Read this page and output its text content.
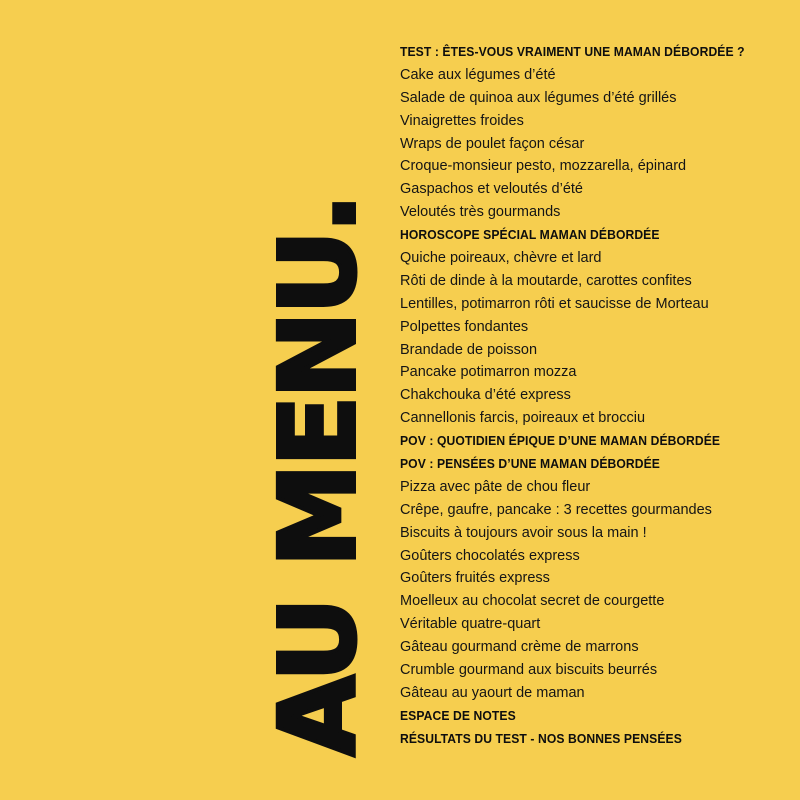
AU MENU.
TEST : ÊTES-VOUS VRAIMENT UNE MAMAN DÉBORDÉE ?
Cake aux légumes d’été
Salade de quinoa aux légumes d’été grillés
Vinaigrettes froides
Wraps de poulet façon césar
Croque-monsieur pesto, mozzarella, épinard
Gaspachos et veloutés d’été
Veloutés très gourmands
HOROSCOPE SPÉCIAL MAMAN DÉBORDÉE
Quiche poireaux, chèvre et lard
Rôti de dinde à la moutarde, carottes confites
Lentilles, potimarron rôti et saucisse de Morteau
Polpettes fondantes
Brandade de poisson
Pancake potimarron mozza
Chakchouka d’été express
Cannellonis farcis, poireaux et brocciu
POV : QUOTIDIEN ÉPIQUE D’UNE MAMAN DÉBORDÉE
POV : PENSÉES D’UNE MAMAN DÉBORDÉE
Pizza avec pâte de chou fleur
Crêpe, gaufre, pancake : 3 recettes gourmandes
Biscuits à toujours avoir sous la main !
Goûters chocolatés express
Goûters fruités express
Moelleux au chocolat secret de courgette
Véritable quatre-quart
Gâteau gourmand crème de marrons
Crumble gourmand aux biscuits beurrés
Gâteau au yaourt de maman
ESPACE DE NOTES
RÉSULTATS DU TEST - NOS BONNES PENSÉES
